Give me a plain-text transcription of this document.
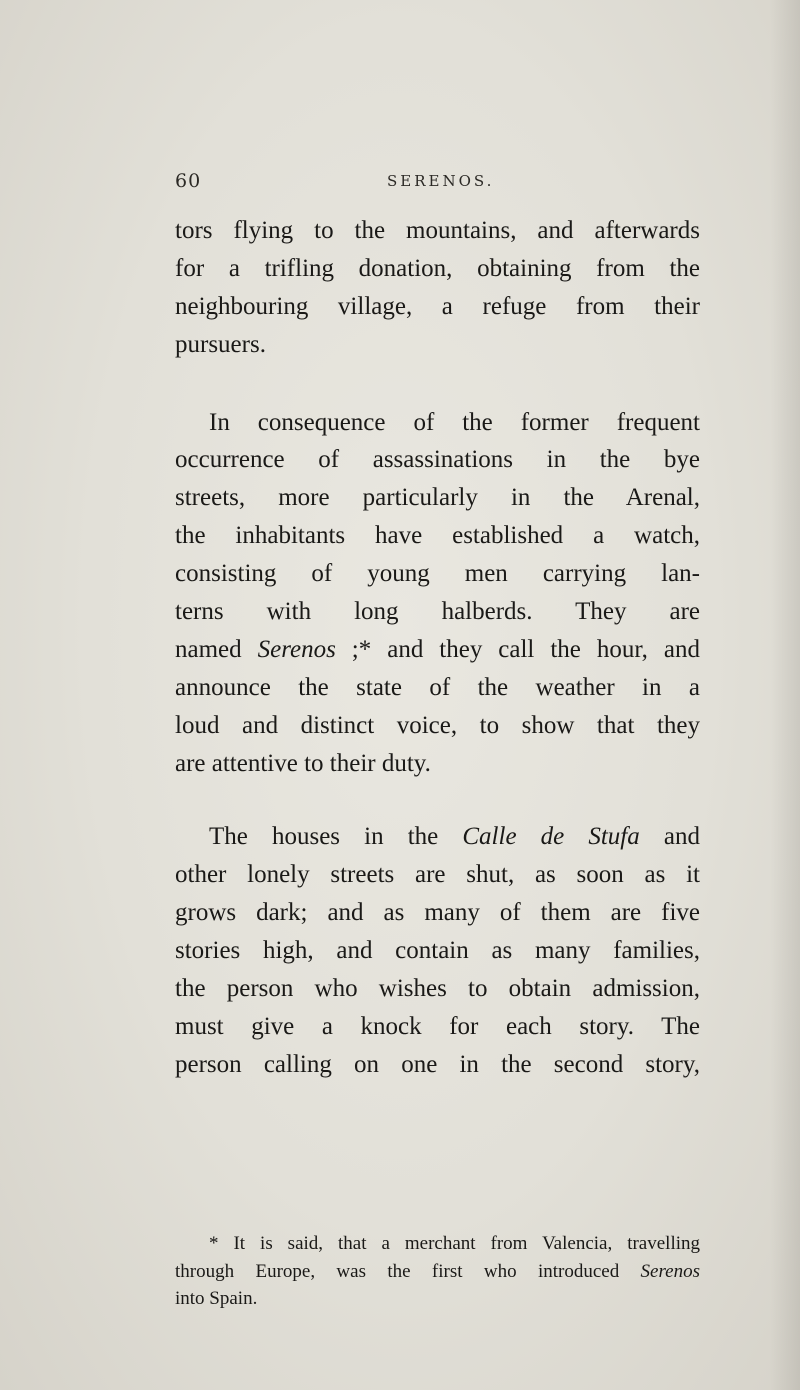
60	SERENOS.
tors flying to the mountains, and afterwards
for a trifling donation, obtaining from the
neighbouring village, a refuge from their
pursuers.
In consequence of the former frequent
occurrence of assassinations in the bye
streets, more particularly in the Arenal,
the inhabitants have established a watch,
consisting of young men carrying lan-
terns with long halberds. They are
named Serenos ;* and they call the hour, and
announce the state of the weather in a
loud and distinct voice, to show that they
are attentive to their duty.
The houses in the Calle de Stufa and
other lonely streets are shut, as soon as it
grows dark; and as many of them are five
stories high, and contain as many families,
the person who wishes to obtain admission,
must give a knock for each story. The
person calling on one in the second story,
* It is said, that a merchant from Valencia, travelling
through Europe, was the first who introduced Serenos
into Spain.
